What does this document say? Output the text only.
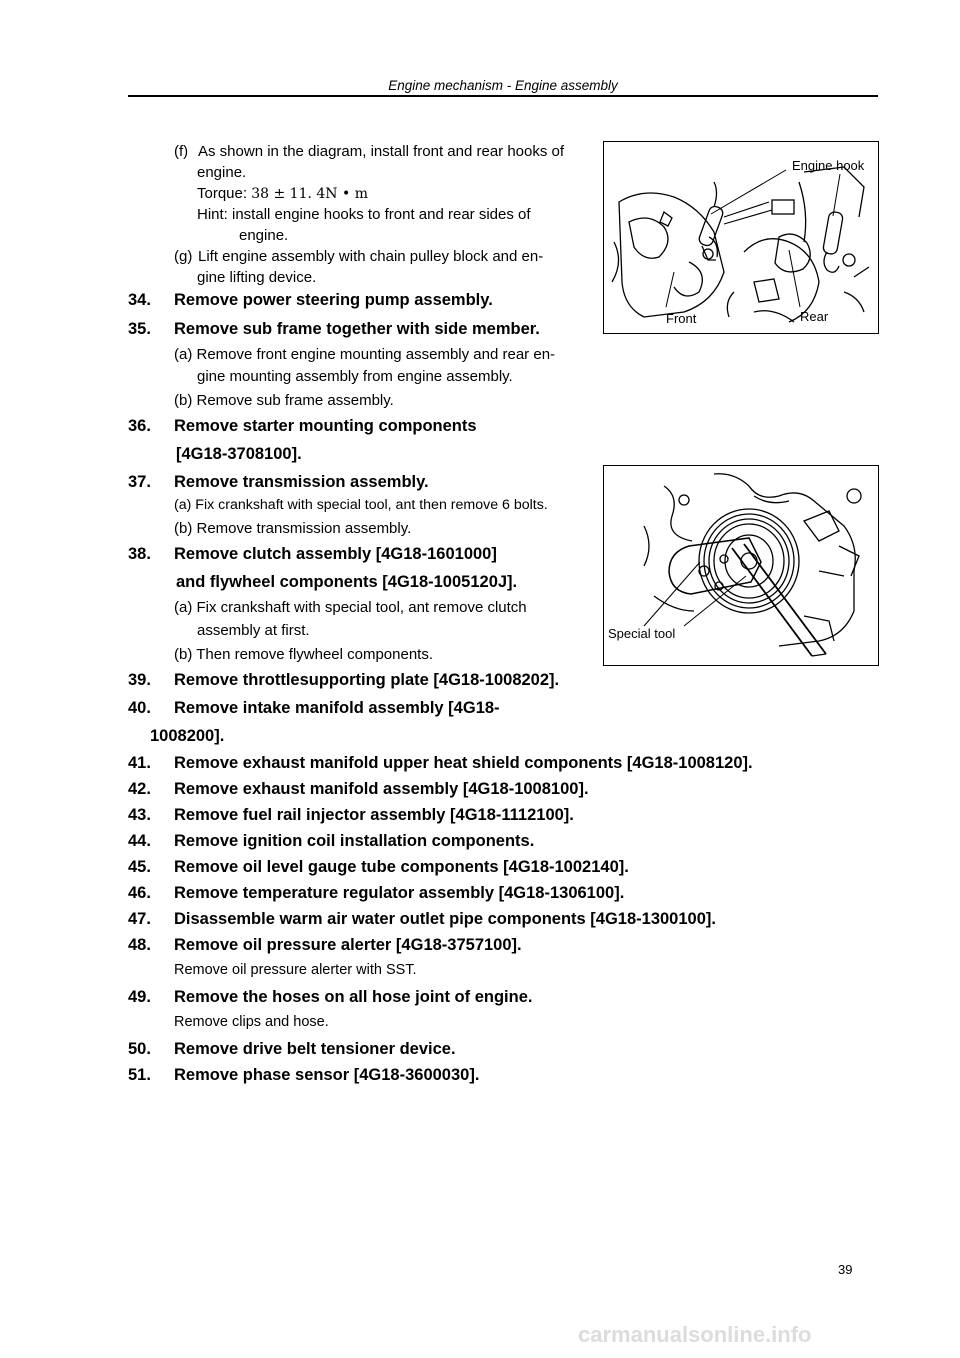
Engine mechanism - Engine assembly
(f) As shown in the diagram, install front and rear hooks of
engine.
Torque: 38 ± 11. 4N • m
Hint: install engine hooks to front and rear sides of
engine.
(g) Lift engine assembly with chain pulley block and en-
gine lifting device.
34. Remove power steering pump assembly.
35. Remove sub frame together with side member.
(a) Remove front engine mounting assembly and rear en-
gine mounting assembly from engine assembly.
(b) Remove sub frame assembly.
36. Remove starter mounting components
[4G18-3708100].
37. Remove transmission assembly.
(a) Fix crankshaft with special tool, ant then remove 6 bolts.
(b) Remove transmission assembly.
38. Remove clutch assembly [4G18-1601000]
and flywheel components [4G18-1005120J].
(a) Fix crankshaft with special tool, ant remove clutch
assembly at first.
(b) Then remove flywheel components.
39. Remove throttlesupporting plate [4G18-1008202].
40. Remove intake manifold assembly [4G18-
1008200].
41. Remove exhaust manifold upper heat shield components [4G18-1008120].
42. Remove exhaust manifold assembly [4G18-1008100].
43. Remove fuel rail injector assembly [4G18-1112100].
44. Remove ignition coil installation components.
45. Remove oil level gauge tube components [4G18-1002140].
46. Remove temperature regulator assembly [4G18-1306100].
47. Disassemble warm air water outlet pipe components [4G18-1300100].
48. Remove oil pressure alerter [4G18-3757100].
Remove oil pressure alerter with SST.
49. Remove the hoses on all hose joint of engine.
Remove clips and hose.
50. Remove drive belt tensioner device.
51. Remove phase sensor [4G18-3600030].
Engine hook
Front	Rear
Special tool
39
carmanualsonline.info
